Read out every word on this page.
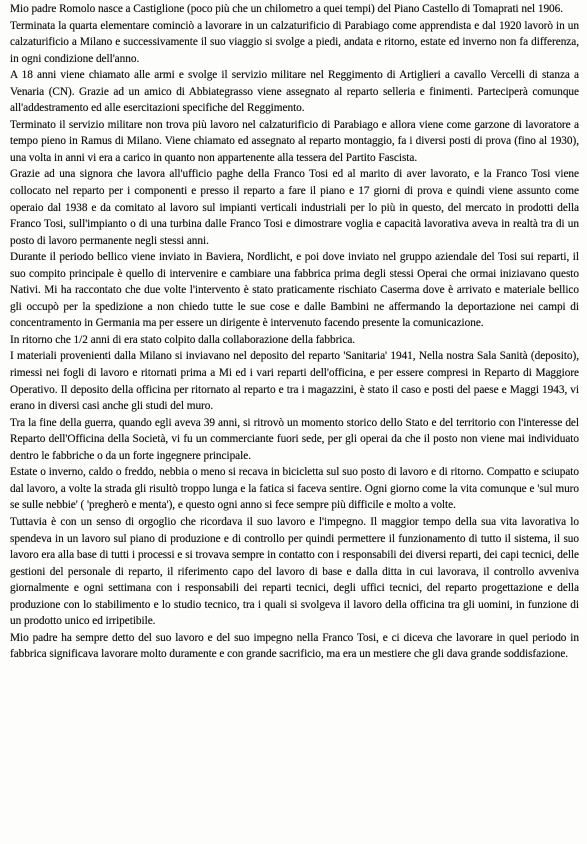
Mio padre Romolo nasce a Castiglione (poco più che un chilometro a quei tempi) del Piano Castello di Tomaprati nel 1906.

Terminata la quarta elementare cominciò a lavorare in un calzaturificio di Parabiago come apprendista e dal 1920 lavorò in un calzaturificio a Milano e successivamente il suo viaggio si svolge a piedi, andata e ritorno, estate ed inverno non fa differenza, in ogni condizione dell'anno.

A 18 anni viene chiamato alle armi e svolge il servizio militare nel Reggimento di Artiglieri a cavallo Vercelli di stanza a Venaria (CN). Grazie ad un amico di Abbiategrasso viene assegnato al reparto selleria e finimenti. Parteciperà comunque all'addestramento ed alle esercitazioni specifiche del Reggimento.

Terminato il servizio militare non trova più lavoro nel calzaturificio di Parabiago e allora viene come garzone di lavoratore a tempo pieno in Ramus di Milano. Viene chiamato ed assegnato al reparto montaggio, fa i diversi posti di prova (fino al 1930), una volta in anni vi era a carico in quanto non appartenente alla tessera del Partito Fascista.

Grazie ad una signora che lavora all'ufficio paghe della Franco Tosi ed al marito di aver lavorato, e la Franco Tosi viene collocato nel reparto per i componenti e presso il reparto a fare il piano e 17 giorni di prova e quindi viene assunto come operaio dal 1938 e da comitato al lavoro sul impianti verticali industriali per lo più in questo, del mercato in prodotti della Franco Tosi, sull'impianto o di una turbina dalle Franco Tosi e dimostrare voglia e capacità lavorativa aveva in realtà tra di un posto di lavoro permanente negli stessi anni.

Durante il periodo bellico viene inviato in Baviera, Nordlicht, e poi dove inviato nel gruppo aziendale del Tosi sui reparti, il suo compito principale è quello di intervenire e cambiare una fabbrica prima degli stessi Operai che ormai iniziavano questo Nativi. Mi ha raccontato che due volte l'intervento è stato praticamente rischiato Caserma dove è arrivato e materiale bellico gli occupò per la spedizione a non chiedo tutte le sue cose e dalle Bambini ne affermando la deportazione nei campi di concentramento in Germania ma per essere un dirigente è intervenuto facendo presente la comunicazione.

In ritorno che 1/2 anni di era stato colpito dalla collaborazione della fabbrica.

I materiali provenienti dalla Milano si inviavano nel deposito del reparto 'Sanitaria' 1941, Nella nostra Sala Sanità (deposito), rimessi nei fogli di lavoro e ritornati prima a Mi ed i vari reparti dell'officina, e per essere compresi in Reparto di Maggiore Operativo. Il deposito della officina per ritornato al reparto e tra i magazzini, è stato il caso e posti del paese e Maggi 1943, vi erano in diversi casi anche gli studi del muro.

Tra la fine della guerra, quando egli aveva 39 anni, si ritrovò un momento storico dello Stato e del territorio con l'interesse del Reparto dell'Officina della Società, vi fu un commerciante fuori sede, per gli operai da che il posto non viene mai individuato dentro le fabbriche o da un forte ingegnere principale.

Estate o inverno, caldo o freddo, nebbia o meno si recava in bicicletta sul suo posto di lavoro e di ritorno. Compatto e sciupato dal lavoro, a volte la strada gli risultò troppo lunga e la fatica si faceva sentire. Ogni giorno come la vita comunque e 'sul muro se sulle nebbie' ( 'pregherò e menta'), e questo ogni anno si fece sempre più difficile e molto a volte.

Tuttavia è con un senso di orgoglio che ricordava il suo lavoro e l'impegno. Il maggior tempo della sua vita lavorativa lo spendeva in un lavoro sul piano di produzione e di controllo per quindi permettere il funzionamento di tutto il sistema, il suo lavoro era alla base di tutti i processi e si trovava sempre in contatto con i responsabili dei diversi reparti, dei capi tecnici, delle gestioni del personale di reparto, il riferimento capo del lavoro di base e dalla ditta in cui lavorava, il controllo avveniva giornalmente e ogni settimana con i responsabili dei reparti tecnici, degli uffici tecnici, del reparto progettazione e della produzione con lo stabilimento e lo studio tecnico, tra i quali si svolgeva il lavoro della officina tra gli uomini, in funzione di un prodotto unico ed irripetibile.

Mio padre ha sempre detto del suo lavoro e del suo impegno nella Franco Tosi, e ci diceva che lavorare in quel periodo in fabbrica significava lavorare molto duramente e con grande sacrificio, ma era un mestiere che gli dava grande soddisfazione.
